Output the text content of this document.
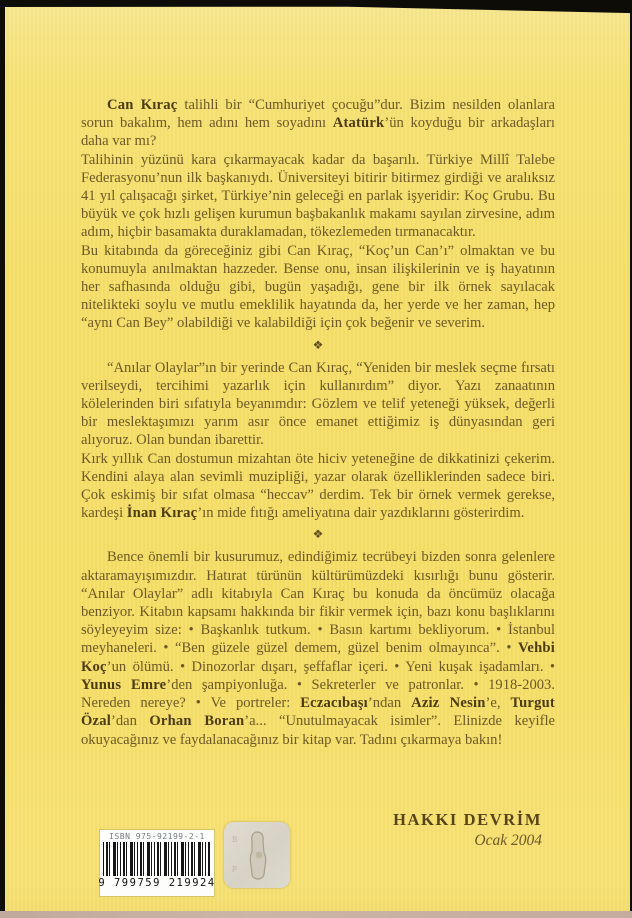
Can Kıraç talihli bir “Cumhuriyet çocuğu”dur. Bizim nesilden olanlara sorun bakalım, hem adını hem soyadını Atatürk’ün koyduğu bir arkadaşları daha var mı?

Talihinin yüzünü kara çıkarmayacak kadar da başarılı. Türkiye Millî Talebe Federasyonu’nun ilk başkanıydı. Üniversiteyi bitirir bitirmez girdiği ve aralıksız 41 yıl çalışacağı şirket, Türkiye’nin geleceği en parlak işyeridir: Koç Grubu. Bu büyük ve çok hızlı gelişen kurumun başbakanlık makamı sayılan zirvesine, adım adım, hiçbir basamakta duraklamadan, tökezlemeden tırmanacaktır.

Bu kitabında da göreceğiniz gibi Can Kıraç, “Koç’un Can’ı” olmaktan ve bu konumuyla anılmaktan hazzeder. Bense onu, insan ilişkilerinin ve iş hayatının her safhasında olduğu gibi, bugün yaşadığı, gene bir ilk örnek sayılacak nitelikteki soylu ve mutlu emeklilik hayatında da, her yerde ve her zaman, hep “aynı Can Bey” olabildiği ve kalabildiği için çok beğenir ve severim.

❖

“Anılar Olaylar”ın bir yerinde Can Kıraç, “Yeniden bir meslek seçme fırsatı verilseydi, tercihimi yazarlık için kullanırdım” diyor. Yazı zanaatının kölelerinden biri sıfatıyla beyanımdır: Gözlem ve telif yeteneği yüksek, değerli bir meslektaşımızı yarım asır önce emanet ettiğimiz iş dünyasından geri alıyoruz. Olan bundan ibarettir.

Kırk yıllık Can dostumun mizahtan öte hiciv yeteneğine de dikkatinizi çekerim. Kendini alaya alan sevimli muzipliği, yazar olarak özelliklerinden sadece biri. Çok eskimiş bir sıfat olmasa “heccav” derdim. Tek bir örnek vermek gerekse, kardeşi İnan Kıraç’ın mide fıtığı ameliyatına dair yazdıklarını gösterirdim.

❖

Bence önemli bir kusurumuz, edindiğimiz tecrübeyi bizden sonra gelenlere aktaramayışımızdır. Hatırat türünün kültürümüzdeki kısırlığı bunu gösterir. “Anılar Olaylar” adlı kitabıyla Can Kıraç bu konuda da öncümüz olacağa benziyor. Kitabın kapsamı hakkında bir fikir vermek için, bazı konu başlıklarını söyleyeyim size: • Başkanlık tutkum. • Basın kartımı bekliyorum. • İstanbul meyhaneleri. • “Ben güzele güzel demem, güzel benim olmayınca”. • Vehbi Koç’un ölümü. • Dinozorlar dışarı, şeffaflar içeri. • Yeni kuşak işadamları. • Yunus Emre’den şampiyonluğa. • Sekreterler ve patronlar. • 1918-2003. Nereden nereye? • Ve portreler: Eczacıbaşı’ndan Aziz Nesin’e, Turgut Özal’dan Orhan Boran’a... “Unutulmayacak isimler”. Elinizde keyifle okuyacağınız ve faydalanacağınız bir kitap var. Tadını çıkarmaya bakın!

HAKKI DEVRİM
Ocak 2004
ISBN 975-92199-2-1
9 799759 219924
B
P
